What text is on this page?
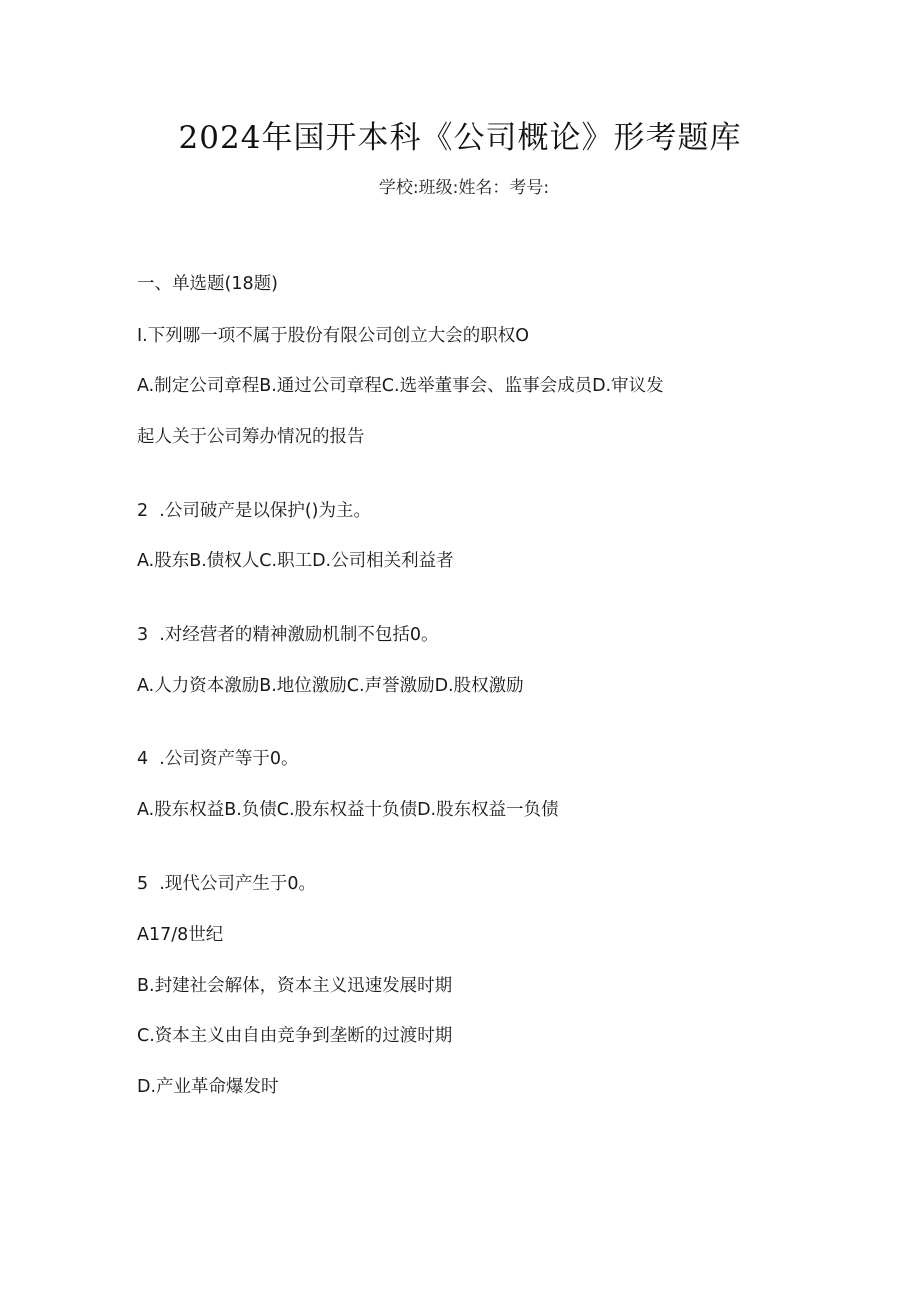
2024年国开本科《公司概论》形考题库
学校:班级:姓名：考号:
一、单选题(18题)
I.下列哪一项不属于股份有限公司创立大会的职权O
A.制定公司章程B.通过公司章程C.选举董事会、监事会成员D.审议发
起人关于公司筹办情况的报告
2  .公司破产是以保护()为主。
A.股东B.债权人C.职工D.公司相关利益者
3  .对经营者的精神激励机制不包括0。
A.人力资本激励B.地位激励C.声誉激励D.股权激励
4  .公司资产等于0。
A.股东权益B.负债C.股东权益十负债D.股东权益一负债
5  .现代公司产生于0。
A17/8世纪
B.封建社会解体，资本主义迅速发展时期
C.资本主义由自由竞争到垄断的过渡时期
D.产业革命爆发时
